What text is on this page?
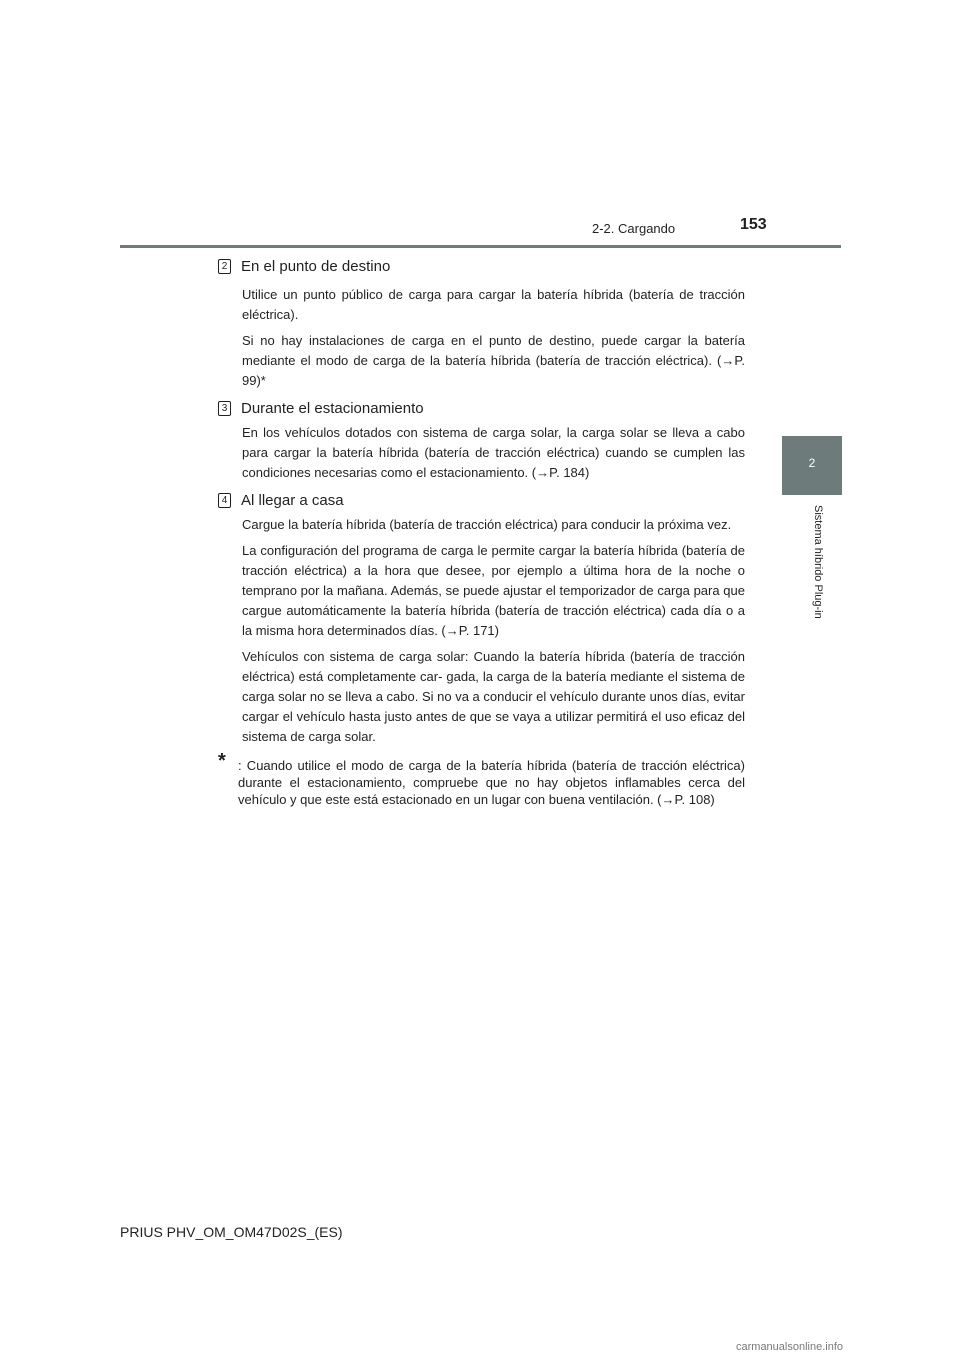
2-2. Cargando	153
2
Sistema híbrido Plug-in
2 En el punto de destino

Utilice un punto público de carga para cargar la batería híbrida (batería de tracción eléctrica).

Si no hay instalaciones de carga en el punto de destino, puede cargar la batería mediante el modo de carga de la batería híbrida (batería de tracción eléctrica). (→P. 99)*

3 Durante el estacionamiento

En los vehículos dotados con sistema de carga solar, la carga solar se lleva a cabo para cargar la batería híbrida (batería de tracción eléctrica) cuando se cumplen las condiciones necesarias como el estacionamiento. (→P. 184)

4 Al llegar a casa

Cargue la batería híbrida (batería de tracción eléctrica) para conducir la próxima vez.

La configuración del programa de carga le permite cargar la batería híbrida (batería de tracción eléctrica) a la hora que desee, por ejemplo a última hora de la noche o temprano por la mañana. Además, se puede ajustar el temporizador de carga para que cargue automáticamente la batería híbrida (batería de tracción eléctrica) cada día o a la misma hora determinados días. (→P. 171)

Vehículos con sistema de carga solar: Cuando la batería híbrida (batería de tracción eléctrica) está completamente car- gada, la carga de la batería mediante el sistema de carga solar no se lleva a cabo. Si no va a conducir el vehículo durante unos días, evitar cargar el vehículo hasta justo antes de que se vaya a utilizar permitirá el uso eficaz del sistema de carga solar.

* : Cuando utilice el modo de carga de la batería híbrida (batería de tracción eléctrica) durante el estacionamiento, compruebe que no hay objetos inflamables cerca del vehículo y que este está estacionado en un lugar con buena ventilación. (→P. 108)
PRIUS PHV_OM_OM47D02S_(ES)
carmanualsonline.info
